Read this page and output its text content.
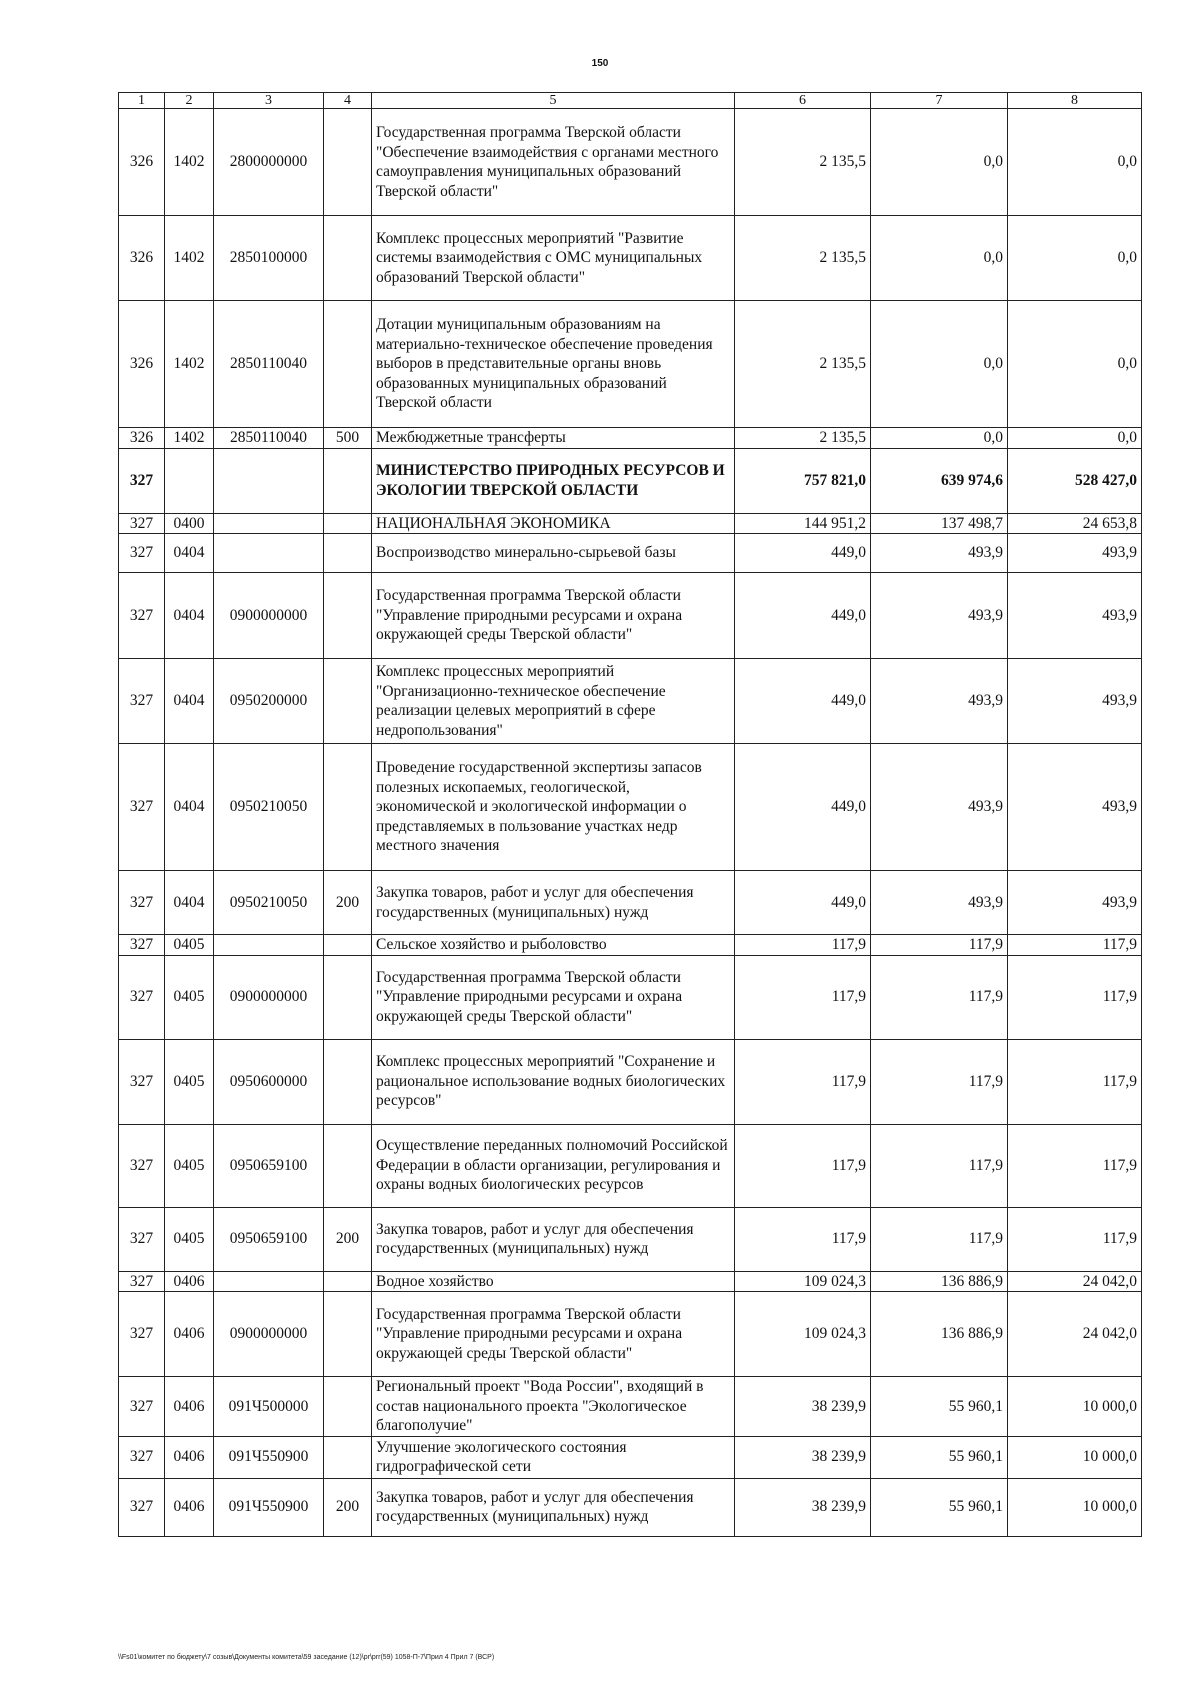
150
1	2	3	4	5	6	7	8
326	1402	2800000000		Государственная программа Тверской области "Обеспечение взаимодействия с органами местного самоуправления муниципальных образований Тверской области"	2 135,5	0,0	0,0
326	1402	2850100000		Комплекс процессных мероприятий "Развитие системы взаимодействия с ОМС муниципальных образований Тверской области"	2 135,5	0,0	0,0
326	1402	2850110040		Дотации муниципальным образованиям на материально-техническое обеспечение проведения выборов в представительные органы вновь образованных муниципальных образований Тверской области	2 135,5	0,0	0,0
326	1402	2850110040	500	Межбюджетные трансферты	2 135,5	0,0	0,0
327				МИНИСТЕРСТВО ПРИРОДНЫХ РЕСУРСОВ И ЭКОЛОГИИ ТВЕРСКОЙ ОБЛАСТИ	757 821,0	639 974,6	528 427,0
327	0400			НАЦИОНАЛЬНАЯ ЭКОНОМИКА	144 951,2	137 498,7	24 653,8
327	0404			Воспроизводство минерально-сырьевой базы	449,0	493,9	493,9
327	0404	0900000000		Государственная программа Тверской области "Управление природными ресурсами и охрана окружающей среды Тверской области"	449,0	493,9	493,9
327	0404	0950200000		Комплекс процессных мероприятий "Организационно-техническое обеспечение реализации целевых мероприятий в сфере недропользования"	449,0	493,9	493,9
327	0404	0950210050		Проведение государственной экспертизы запасов полезных ископаемых, геологической, экономической и экологической информации о представляемых в пользование участках недр местного значения	449,0	493,9	493,9
327	0404	0950210050	200	Закупка товаров, работ и услуг для обеспечения государственных (муниципальных) нужд	449,0	493,9	493,9
327	0405			Сельское хозяйство и рыболовство	117,9	117,9	117,9
327	0405	0900000000		Государственная программа Тверской области "Управление природными ресурсами и охрана окружающей среды Тверской области"	117,9	117,9	117,9
327	0405	0950600000		Комплекс процессных мероприятий "Сохранение и рациональное использование водных биологических ресурсов"	117,9	117,9	117,9
327	0405	0950659100		Осуществление переданных полномочий Российской Федерации в области организации, регулирования и охраны водных биологических ресурсов	117,9	117,9	117,9
327	0405	0950659100	200	Закупка товаров, работ и услуг для обеспечения государственных (муниципальных) нужд	117,9	117,9	117,9
327	0406			Водное хозяйство	109 024,3	136 886,9	24 042,0
327	0406	0900000000		Государственная программа Тверской области "Управление природными ресурсами и охрана окружающей среды Тверской области"	109 024,3	136 886,9	24 042,0
327	0406	091Ч500000		Региональный проект "Вода России", входящий в состав национального проекта "Экологическое благополучие"	38 239,9	55 960,1	10 000,0
327	0406	091Ч550900		Улучшение экологического состояния гидрографической сети	38 239,9	55 960,1	10 000,0
327	0406	091Ч550900	200	Закупка товаров, работ и услуг для обеспечения государственных (муниципальных) нужд	38 239,9	55 960,1	10 000,0
\\Fs01\комитет по бюджету\7 созыв\Документы комитета\59 заседание (12)\pr\prr(59) 1058-П-7\Прил 4 Прил 7 (ВСР)
